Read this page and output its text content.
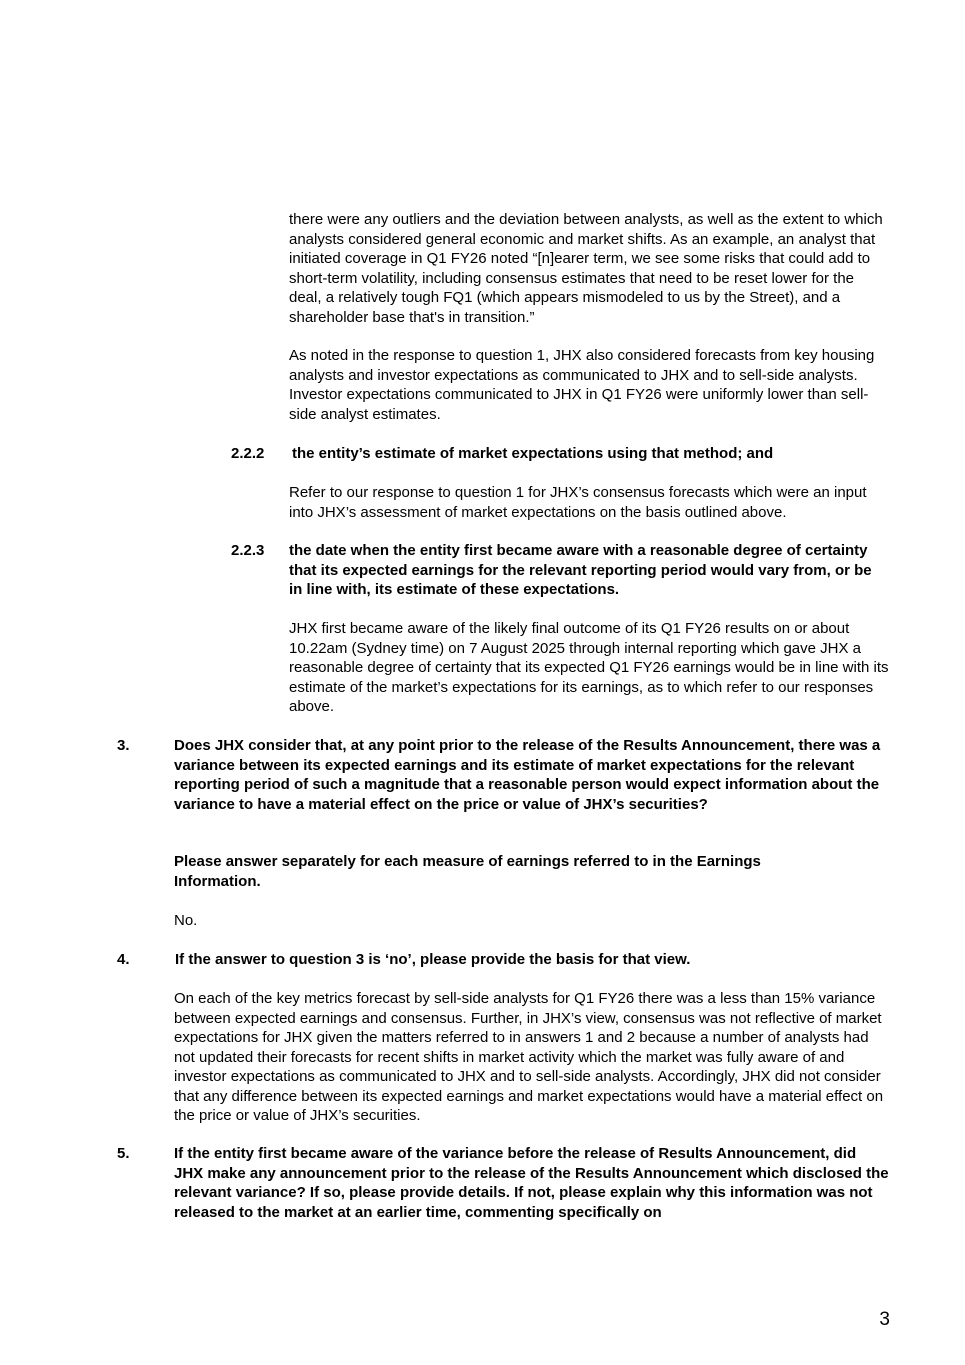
there were any outliers and the deviation between analysts, as well as the extent to which analysts considered general economic and market shifts. As an example, an analyst that initiated coverage in Q1 FY26 noted “[n]earer term, we see some risks that could add to short-term volatility, including consensus estimates that need to be reset lower for the deal, a relatively tough FQ1 (which appears mismodeled to us by the Street), and a shareholder base that's in transition.”

As noted in the response to question 1, JHX also considered forecasts from key housing analysts and investor expectations as communicated to JHX and to sell-side analysts. Investor expectations communicated to JHX in Q1 FY26 were uniformly lower than sell-side analyst estimates.

2.2.2 the entity’s estimate of market expectations using that method; and

Refer to our response to question 1 for JHX’s consensus forecasts which were an input into JHX’s assessment of market expectations on the basis outlined above.

2.2.3 the date when the entity first became aware with a reasonable degree of certainty that its expected earnings for the relevant reporting period would vary from, or be in line with, its estimate of these expectations.

JHX first became aware of the likely final outcome of its Q1 FY26 results on or about 10.22am (Sydney time) on 7 August 2025 through internal reporting which gave JHX a reasonable degree of certainty that its expected Q1 FY26 earnings would be in line with its estimate of the market’s expectations for its earnings, as to which refer to our responses above.

3.	Does JHX consider that, at any point prior to the release of the Results Announcement, there was a variance between its expected earnings and its estimate of market expectations for the relevant reporting period of such a magnitude that a reasonable person would expect information about the variance to have a material effect on the price or value of JHX’s securities?

Please answer separately for each measure of earnings referred to in the Earnings Information.

No.

4.	If the answer to question 3 is ‘no’, please provide the basis for that view.

On each of the key metrics forecast by sell-side analysts for Q1 FY26 there was a less than 15% variance between expected earnings and consensus. Further, in JHX’s view, consensus was not reflective of market expectations for JHX given the matters referred to in answers 1 and 2 because a number of analysts had not updated their forecasts for recent shifts in market activity which the market was fully aware of and investor expectations as communicated to JHX and to sell-side analysts. Accordingly, JHX did not consider that any difference between its expected earnings and market expectations would have a material effect on the price or value of JHX’s securities.

5.	If the entity first became aware of the variance before the release of Results Announcement, did JHX make any announcement prior to the release of the Results Announcement which disclosed the relevant variance? If so, please provide details. If not, please explain why this information was not released to the market at an earlier time, commenting specifically on

3
